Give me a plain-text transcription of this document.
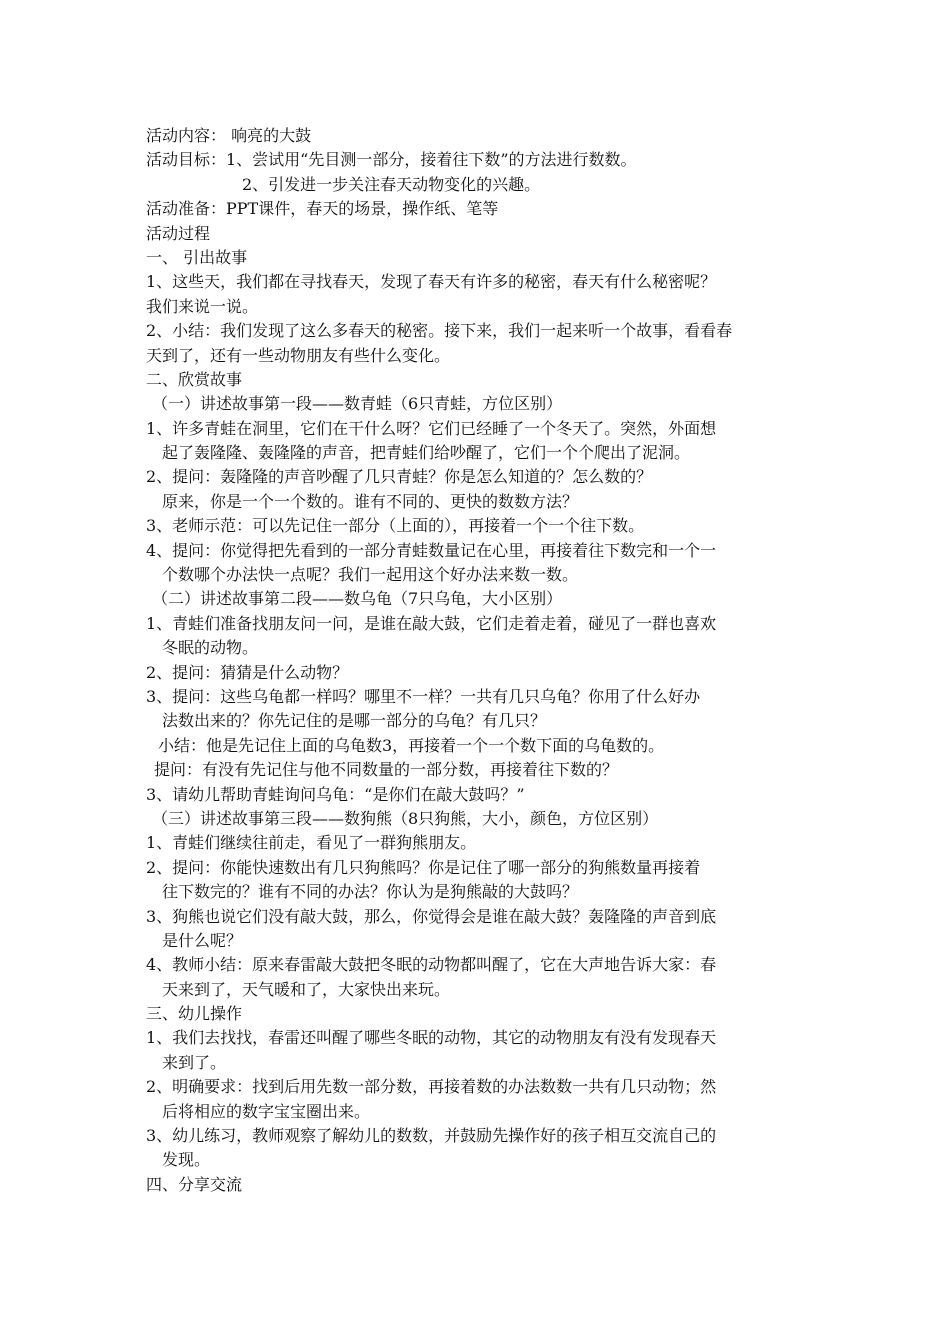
活动内容： 响亮的大鼓
活动目标：1、尝试用“先目测一部分，接着往下数”的方法进行数数。
2、引发进一步关注春天动物变化的兴趣。
活动准备：PPT课件，春天的场景，操作纸、笔等
活动过程
一、 引出故事
1、这些天，我们都在寻找春天，发现了春天有许多的秘密，春天有什么秘密呢？
我们来说一说。
2、小结：我们发现了这么多春天的秘密。接下来，我们一起来听一个故事，看看春
天到了，还有一些动物朋友有些什么变化。
二、欣赏故事
（一）讲述故事第一段——数青蛙（6只青蛙，方位区别）
1、许多青蛙在洞里，它们在干什么呀？它们已经睡了一个冬天了。突然，外面想
起了轰隆隆、轰隆隆的声音，把青蛙们给吵醒了，它们一个个爬出了泥洞。
2、提问：轰隆隆的声音吵醒了几只青蛙？你是怎么知道的？怎么数的？
原来，你是一个一个数的。谁有不同的、更快的数数方法？
3、老师示范：可以先记住一部分（上面的），再接着一个一个往下数。
4、提问：你觉得把先看到的一部分青蛙数量记在心里，再接着往下数完和一个一
个数哪个办法快一点呢？我们一起用这个好办法来数一数。
（二）讲述故事第二段——数乌龟（7只乌龟，大小区别）
1、青蛙们准备找朋友问一问，是谁在敲大鼓，它们走着走着，碰见了一群也喜欢
冬眠的动物。
2、提问：猜猜是什么动物？
3、提问：这些乌龟都一样吗？哪里不一样？一共有几只乌龟？你用了什么好办
法数出来的？你先记住的是哪一部分的乌龟？有几只？
小结：他是先记住上面的乌龟数3，再接着一个一个数下面的乌龟数的。
提问：有没有先记住与他不同数量的一部分数，再接着往下数的？
3、请幼儿帮助青蛙询问乌龟：“是你们在敲大鼓吗？”
（三）讲述故事第三段——数狗熊（8只狗熊，大小，颜色，方位区别）
1、青蛙们继续往前走，看见了一群狗熊朋友。
2、提问：你能快速数出有几只狗熊吗？你是记住了哪一部分的狗熊数量再接着
往下数完的？谁有不同的办法？你认为是狗熊敲的大鼓吗？
3、狗熊也说它们没有敲大鼓，那么，你觉得会是谁在敲大鼓？轰隆隆的声音到底
是什么呢？
4、教师小结：原来春雷敲大鼓把冬眠的动物都叫醒了，它在大声地告诉大家：春
天来到了，天气暖和了，大家快出来玩。
三、幼儿操作
1、我们去找找，春雷还叫醒了哪些冬眠的动物，其它的动物朋友有没有发现春天
来到了。
2、明确要求：找到后用先数一部分数，再接着数的办法数数一共有几只动物；然
后将相应的数字宝宝圈出来。
3、幼儿练习，教师观察了解幼儿的数数，并鼓励先操作好的孩子相互交流自己的
发现。
四、分享交流
